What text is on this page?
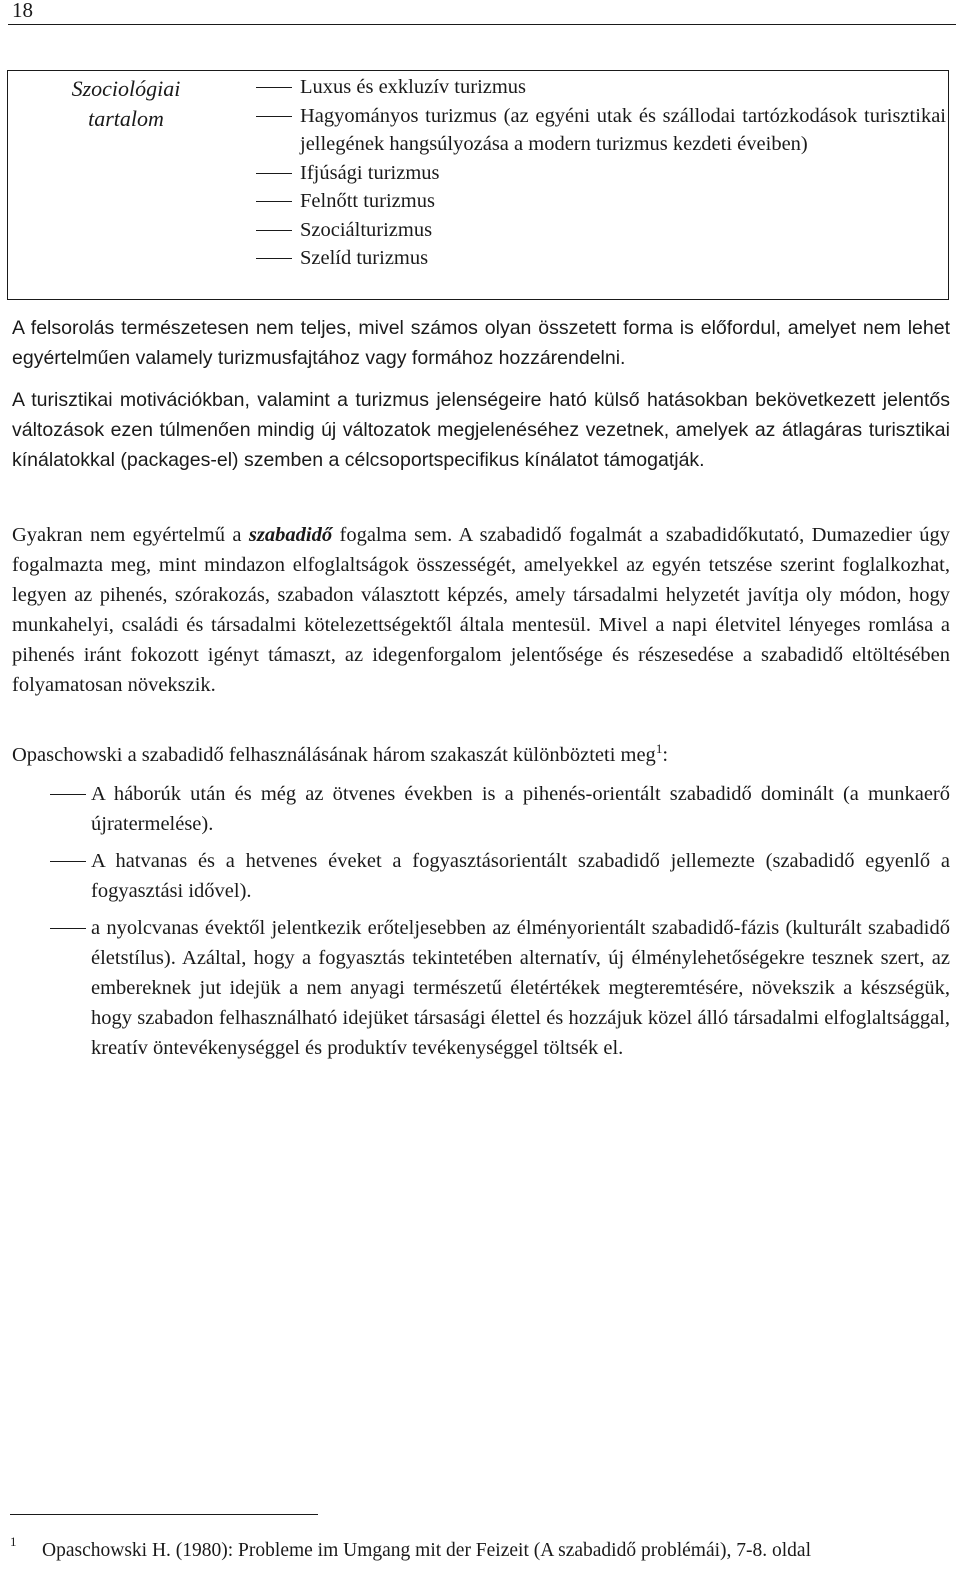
18
Szociológiai
tartalom
Luxus és exkluzív turizmus
Hagyományos turizmus (az egyéni utak és szállodai tartózkodások turisztikai jellegének hangsúlyozása a modern turizmus kezdeti éveiben)
Ifjúsági turizmus
Felnőtt turizmus
Szociálturizmus
Szelíd turizmus

A felsorolás természetesen nem teljes, mivel számos olyan összetett forma is előfordul, amelyet nem lehet egyértelműen valamely turizmusfajtához vagy formához hozzárendelni.

A turisztikai motivációkban, valamint a turizmus jelenségeire ható külső hatásokban bekövetkezett jelentős változások ezen túlmenően mindig új változatok megjelenéséhez vezetnek, amelyek az átlagáras turisztikai kínálatokkal (packages-el) szemben a célcsoportspecifikus kínálatot támogatják.

Gyakran nem egyértelmű a szabadidő fogalma sem. A szabadidő fogalmát a szabadidőkutató, Dumazedier úgy fogalmazta meg, mint mindazon elfoglaltságok összességét, amelyekkel az egyén tetszése szerint foglalkozhat, legyen az pihenés, szórakozás, szabadon választott képzés, amely társadalmi helyzetét javítja oly módon, hogy munkahelyi, családi és társadalmi kötelezettségektől általa mentesül. Mivel a napi életvitel lényeges romlása a pihenés iránt fokozott igényt támaszt, az idegenforgalom jelentősége és részesedése a szabadidő eltöltésében folyamatosan növekszik.

Opaschowski a szabadidő felhasználásának három szakaszát különbözteti meg$^1$:

A háborúk után és még az ötvenes években is a pihenés-orientált szabadidő dominált (a munkaerő újratermelése).
A hatvanas és a hetvenes éveket a fogyasztásorientált szabadidő jellemezte (szabadidő egyenlő a fogyasztási idővel).
a nyolcvanas évektől jelentkezik erőteljesebben az élményorientált szabadidő-fázis (kulturált szabadidő életstílus). Azáltal, hogy a fogyasztás tekintetében alternatív, új élménylehetőségekre tesznek szert, az embereknek jut idejük a nem anyagi természetű életértékek megteremtésére, növekszik a készségük, hogy szabadon felhasználható idejüket társasági élettel és hozzájuk közel álló társadalmi elfoglaltsággal, kreatív öntevékenységgel és produktív tevékenységgel töltsék el.
1 Opaschowski H. (1980): Probleme im Umgang mit der Feizeit (A szabadidő problémái), 7-8. oldal
